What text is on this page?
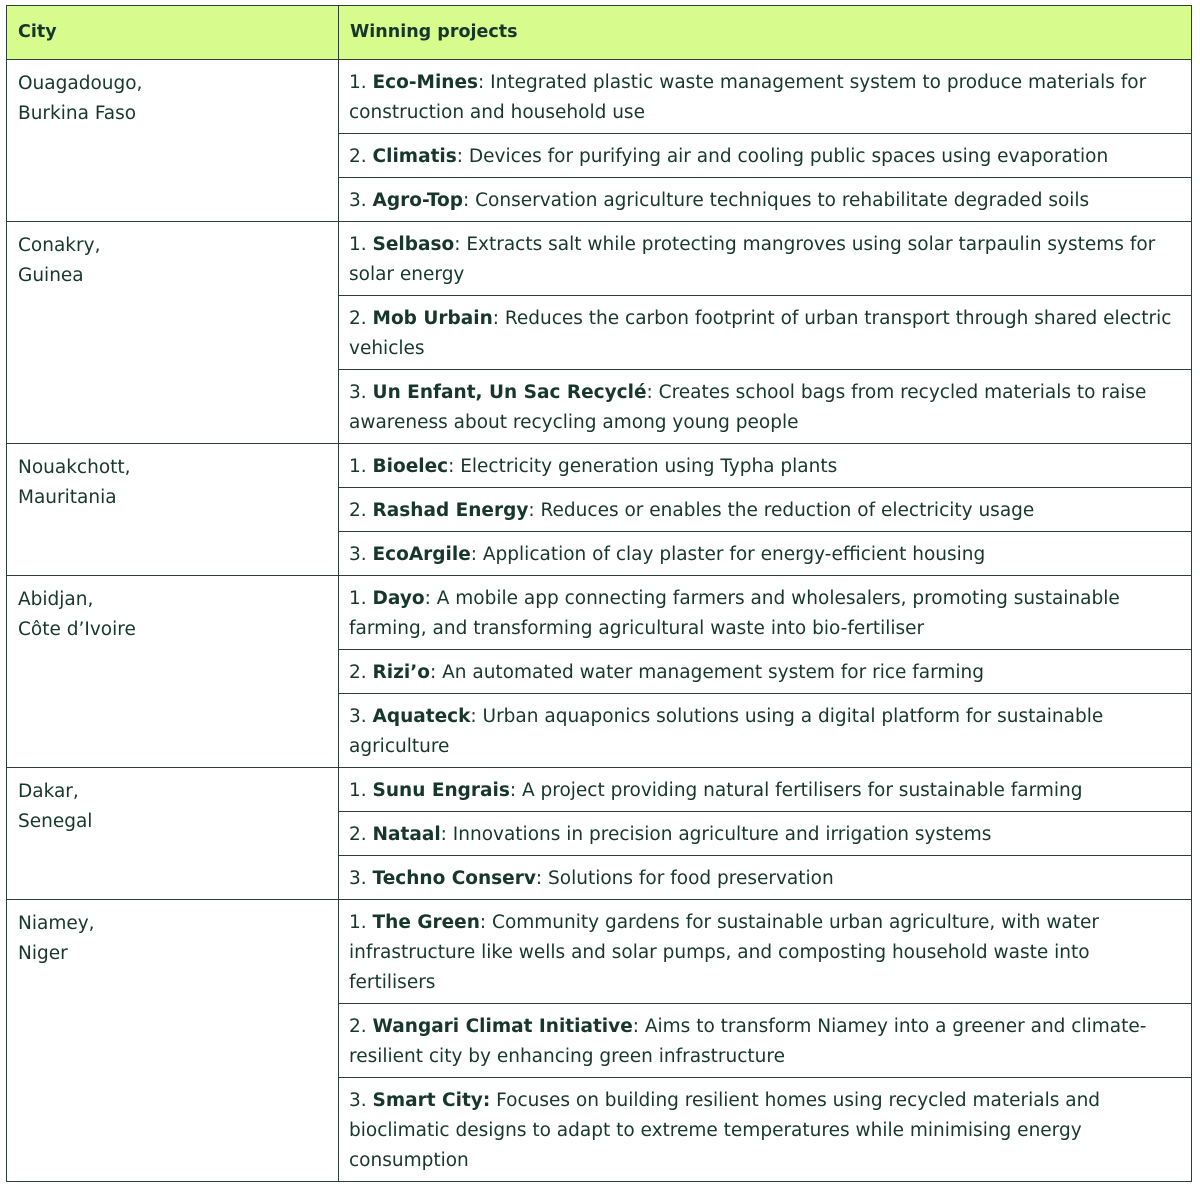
City	Winning projects

Ouagadougo,
Burkina Faso	1. Eco-Mines: Integrated plastic waste management system to produce materials for construction and household use
	2. Climatis: Devices for purifying air and cooling public spaces using evaporation
	3. Agro-Top: Conservation agriculture techniques to rehabilitate degraded soils

Conakry,
Guinea	1. Selbaso: Extracts salt while protecting mangroves using solar tarpaulin systems for solar energy
	2. Mob Urbain: Reduces the carbon footprint of urban transport through shared electric vehicles
	3. Un Enfant, Un Sac Recyclé: Creates school bags from recycled materials to raise awareness about recycling among young people

Nouakchott,
Mauritania	1. Bioelec: Electricity generation using Typha plants
	2. Rashad Energy: Reduces or enables the reduction of electricity usage
	3. EcoArgile: Application of clay plaster for energy-efficient housing

Abidjan,
Côte d’Ivoire	1. Dayo: A mobile app connecting farmers and wholesalers, promoting sustainable farming, and transforming agricultural waste into bio-fertiliser
	2. Rizi’o: An automated water management system for rice farming
	3. Aquateck: Urban aquaponics solutions using a digital platform for sustainable agriculture

Dakar,
Senegal	1. Sunu Engrais: A project providing natural fertilisers for sustainable farming
	2. Nataal: Innovations in precision agriculture and irrigation systems
	3. Techno Conserv: Solutions for food preservation

Niamey,
Niger	1. The Green: Community gardens for sustainable urban agriculture, with water infrastructure like wells and solar pumps, and composting household waste into fertilisers
	2. Wangari Climat Initiative: Aims to transform Niamey into a greener and climate-resilient city by enhancing green infrastructure
	3. Smart City: Focuses on building resilient homes using recycled materials and bioclimatic designs to adapt to extreme temperatures while minimising energy consumption
